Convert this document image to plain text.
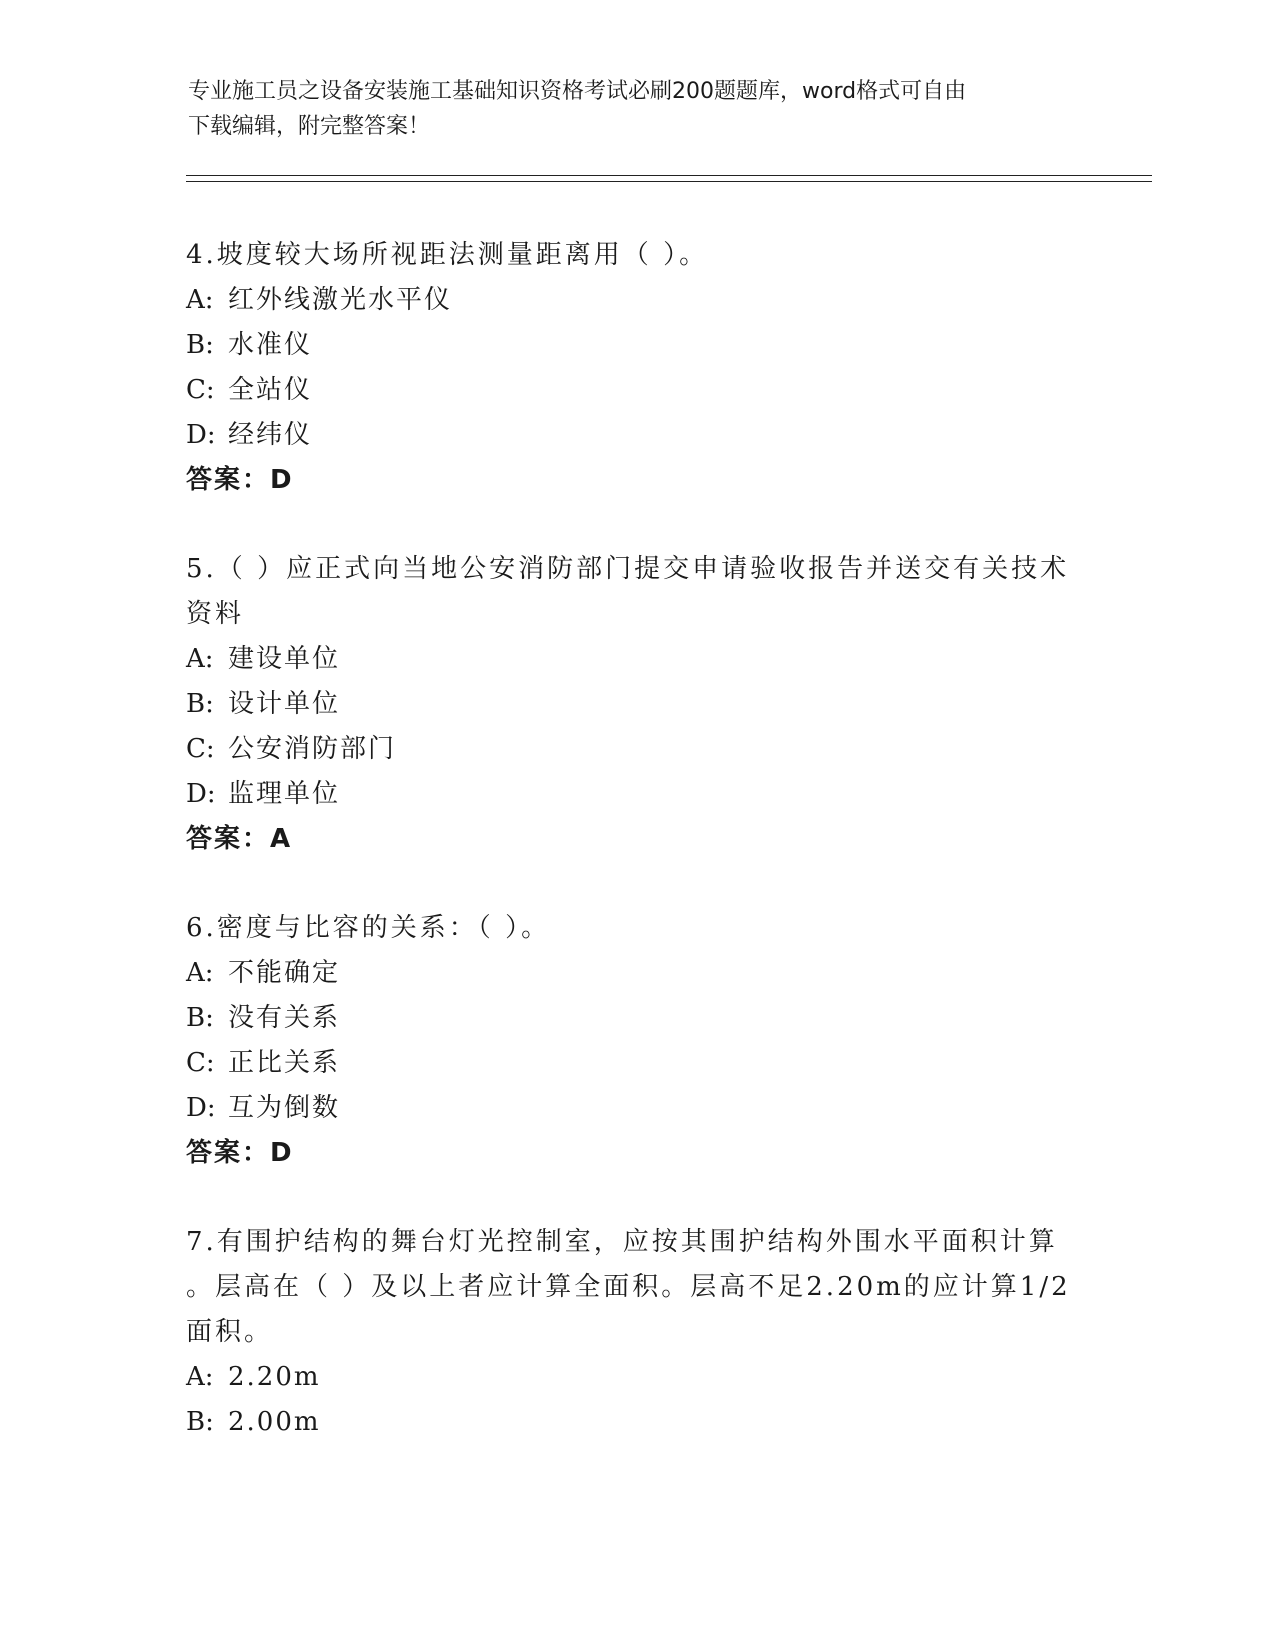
专业施工员之设备安装施工基础知识资格考试必刷200题题库，word格式可自由
下载编辑，附完整答案！
4.坡度较大场所视距法测量距离用（ ）。
A: 红外线激光水平仪
B: 水准仪
C: 全站仪
D: 经纬仪
答案：D
5.（ ）应正式向当地公安消防部门提交申请验收报告并送交有关技术
资料
A: 建设单位
B: 设计单位
C: 公安消防部门
D: 监理单位
答案：A
6.密度与比容的关系：（ ）。
A: 不能确定
B: 没有关系
C: 正比关系
D: 互为倒数
答案：D
7.有围护结构的舞台灯光控制室，应按其围护结构外围水平面积计算
。层高在（ ）及以上者应计算全面积。层高不足2.20m的应计算1/2
面积。
A: 2.20m
B: 2.00m
